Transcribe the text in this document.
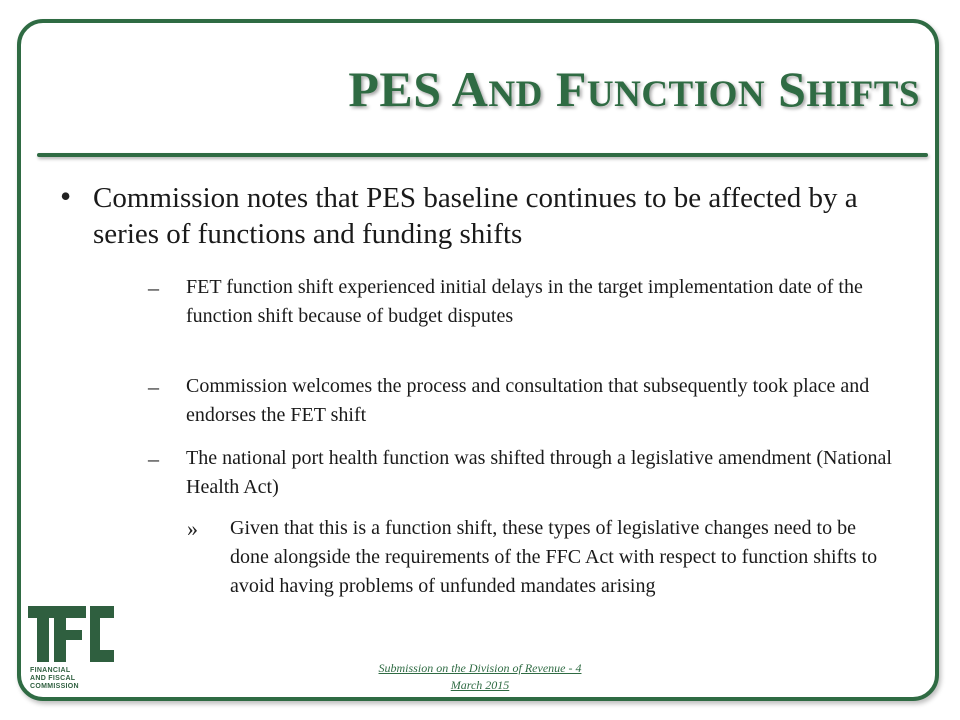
PES AND FUNCTION SHIFTS
• Commission notes that PES baseline continues to be affected by a series of functions and funding shifts
– FET function shift experienced initial delays in the target implementation date of the function shift because of budget disputes
– Commission welcomes the process and consultation that subsequently took place and endorses the FET shift
– The national port health function was shifted through a legislative amendment (National Health Act)
» Given that this is a function shift, these types of legislative changes need to be done alongside the requirements of the FFC Act with respect to function shifts to avoid having problems of unfunded mandates arising
FINANCIAL
AND FISCAL
COMMISSION
Submission on the Division of Revenue - 4
March 2015
